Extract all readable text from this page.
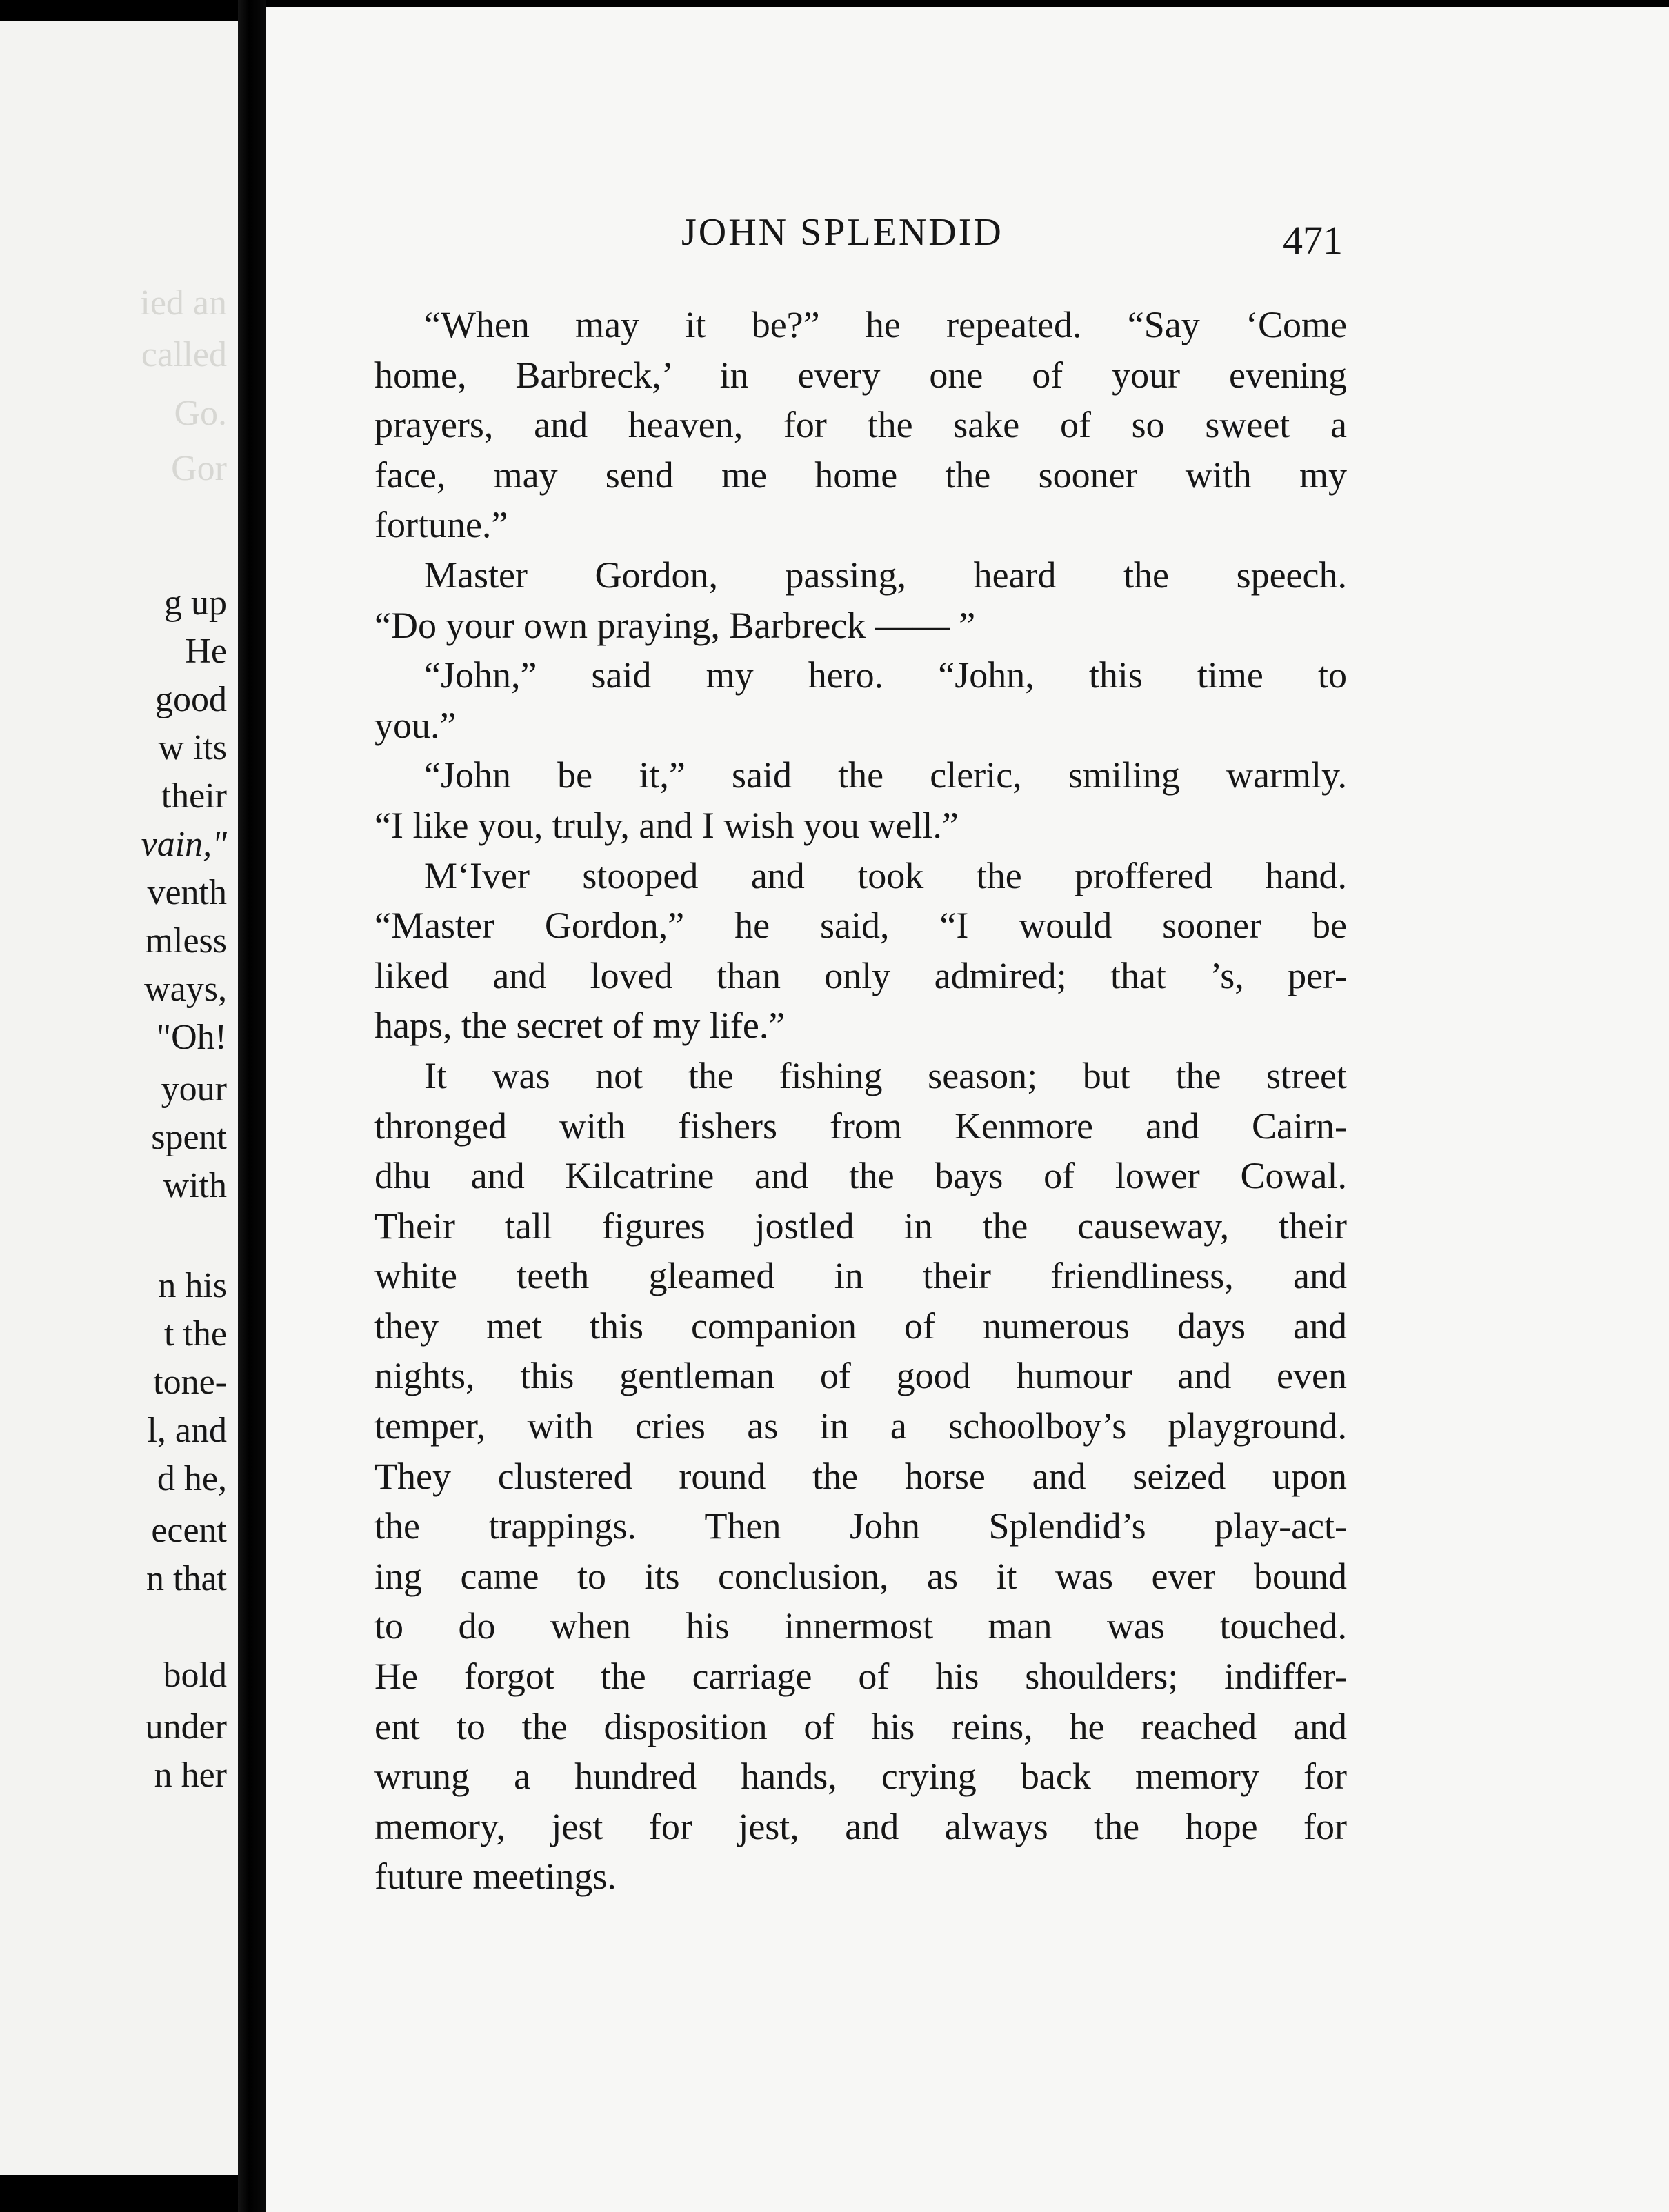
ied an
called
Go.
Gor
g up
He
good
w its
their
vain,"
venth
mless
ways,
"Oh!
your
spent
with
n his
t the
tone-
l, and
d he,
ecent
n that
bold
under
n her
JOHN SPLENDID	471
“When may it be?” he repeated. “Say ‘Come
home, Barbreck,’ in every one of your evening
prayers, and heaven, for the sake of so sweet a
face, may send me home the sooner with my
fortune.”
Master Gordon, passing, heard the speech.
“Do your own praying, Barbreck —— ”
“John,” said my hero. “John, this time to
you.”
“John be it,” said the cleric, smiling warmly.
“I like you, truly, and I wish you well.”
M‘Iver stooped and took the proffered hand.
“Master Gordon,” he said, “I would sooner be
liked and loved than only admired; that ’s, per-
haps, the secret of my life.”
It was not the fishing season; but the street
thronged with fishers from Kenmore and Cairn-
dhu and Kilcatrine and the bays of lower Cowal.
Their tall figures jostled in the causeway, their
white teeth gleamed in their friendliness, and
they met this companion of numerous days and
nights, this gentleman of good humour and even
temper, with cries as in a schoolboy’s playground.
They clustered round the horse and seized upon
the trappings. Then John Splendid’s play-act-
ing came to its conclusion, as it was ever bound
to do when his innermost man was touched.
He forgot the carriage of his shoulders; indiffer-
ent to the disposition of his reins, he reached and
wrung a hundred hands, crying back memory for
memory, jest for jest, and always the hope for
future meetings.
